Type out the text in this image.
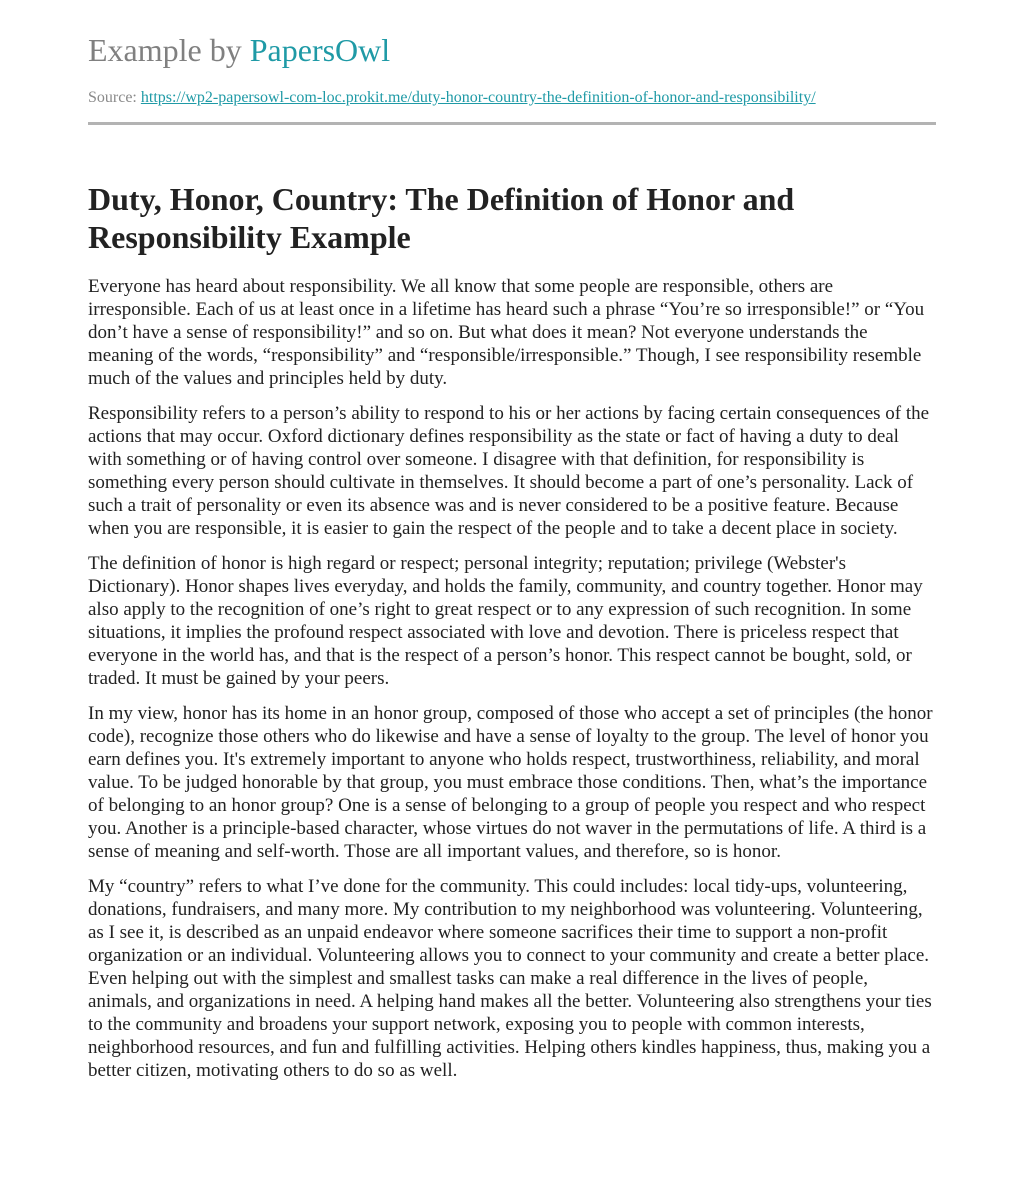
Example by PapersOwl
Source: https://wp2-papersowl-com-loc.prokit.me/duty-honor-country-the-definition-of-honor-and-responsibility/
Duty, Honor, Country: The Definition of Honor and Responsibility Example

Everyone has heard about responsibility. We all know that some people are responsible, others are irresponsible. Each of us at least once in a lifetime has heard such a phrase “You’re so irresponsible!” or “You don’t have a sense of responsibility!” and so on. But what does it mean? Not everyone understands the meaning of the words, “responsibility” and “responsible/irresponsible.” Though, I see responsibility resemble much of the values and principles held by duty.

Responsibility refers to a person’s ability to respond to his or her actions by facing certain consequences of the actions that may occur. Oxford dictionary defines responsibility as the state or fact of having a duty to deal with something or of having control over someone. I disagree with that definition, for responsibility is something every person should cultivate in themselves. It should become a part of one’s personality. Lack of such a trait of personality or even its absence was and is never considered to be a positive feature. Because when you are responsible, it is easier to gain the respect of the people and to take a decent place in society.

The definition of honor is high regard or respect; personal integrity; reputation; privilege (Webster's Dictionary). Honor shapes lives everyday, and holds the family, community, and country together. Honor may also apply to the recognition of one’s right to great respect or to any expression of such recognition. In some situations, it implies the profound respect associated with love and devotion. There is priceless respect that everyone in the world has, and that is the respect of a person’s honor. This respect cannot be bought, sold, or traded. It must be gained by your peers.

In my view, honor has its home in an honor group, composed of those who accept a set of principles (the honor code), recognize those others who do likewise and have a sense of loyalty to the group. The level of honor you earn defines you. It's extremely important to anyone who holds respect, trustworthiness, reliability, and moral value. To be judged honorable by that group, you must embrace those conditions. Then, what’s the importance of belonging to an honor group? One is a sense of belonging to a group of people you respect and who respect you. Another is a principle-based character, whose virtues do not waver in the permutations of life. A third is a sense of meaning and self-worth. Those are all important values, and therefore, so is honor.

My “country” refers to what I’ve done for the community. This could includes: local tidy-ups, volunteering, donations, fundraisers, and many more. My contribution to my neighborhood was volunteering. Volunteering, as I see it, is described as an unpaid endeavor where someone sacrifices their time to support a non-profit organization or an individual. Volunteering allows you to connect to your community and create a better place. Even helping out with the simplest and smallest tasks can make a real difference in the lives of people, animals, and organizations in need. A helping hand makes all the better. Volunteering also strengthens your ties to the community and broadens your support network, exposing you to people with common interests, neighborhood resources, and fun and fulfilling activities. Helping others kindles happiness, thus, making you a better citizen, motivating others to do so as well.
